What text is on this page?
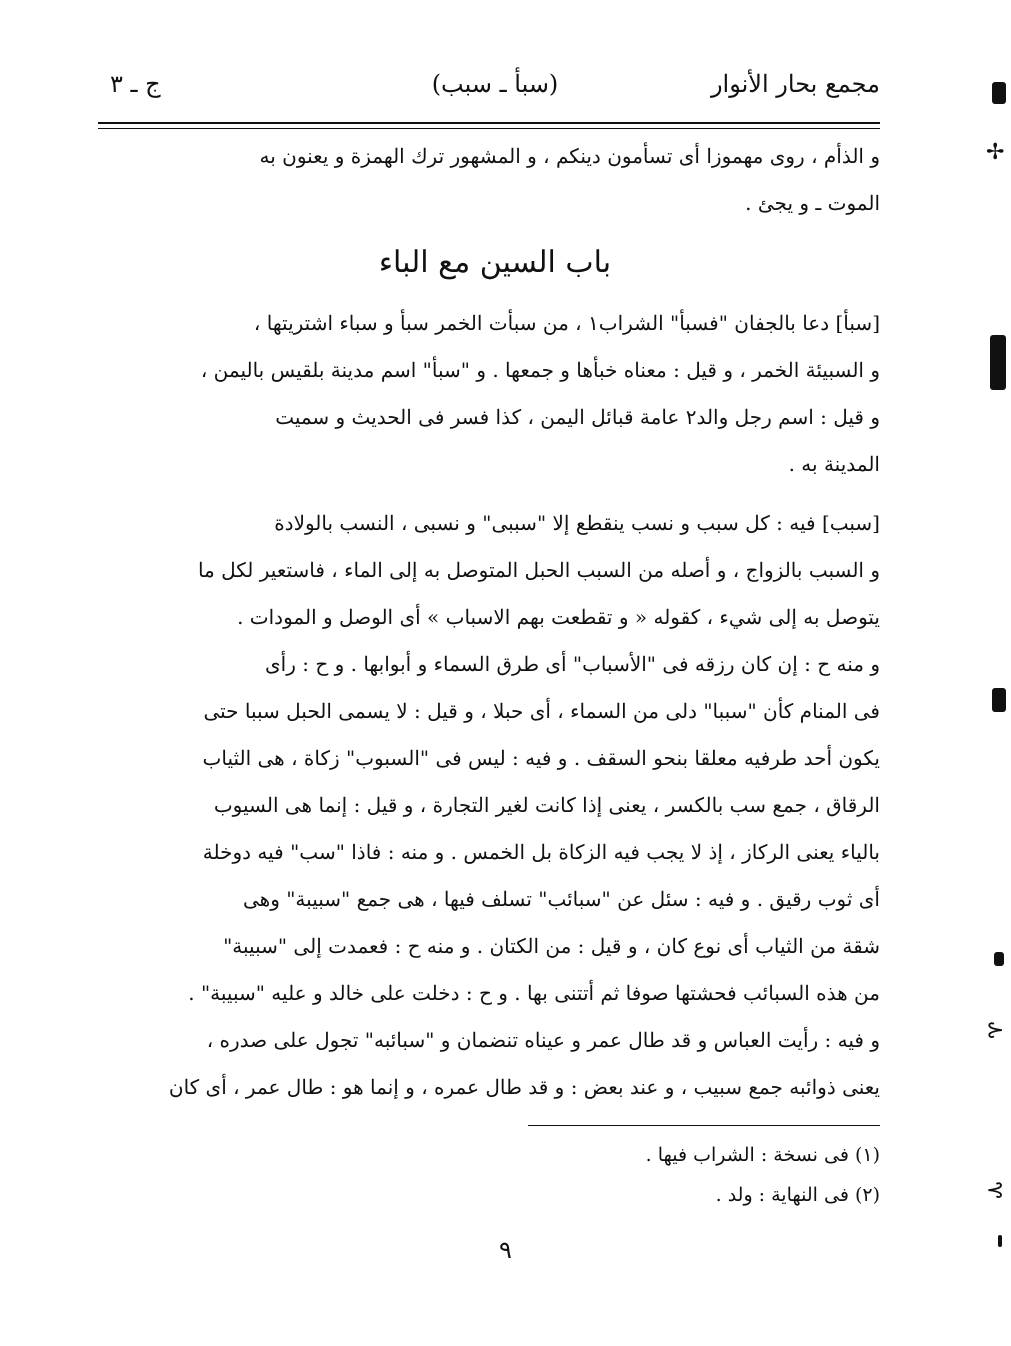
مجمع بحار الأنوار
(سبأ ـ سبب)
ج ـ ٣
و الذأم ، روى مهموزا أى تسأمون دينكم ، و المشهور ترك الهمزة و يعنون به
الموت ـ و يجئ .
باب السين مع الباء
[سبأ] دعا بالجفان "فسبأ" الشراب١ ، من سبأت الخمر سبأ و سباء اشتريتها ،
و السبيئة الخمر ، و قيل : معناه خبأها و جمعها . و "سبأ" اسم مدينة بلقيس باليمن ،
و قيل : اسم رجل والد٢ عامة قبائل اليمن ، كذا فسر فى الحديث و سميت
المدينة به .
[سبب] فيه : كل سبب و نسب ينقطع إلا "سببى" و نسبى ، النسب بالولادة
و السبب بالزواج ، و أصله من السبب الحبل المتوصل به إلى الماء ، فاستعير لكل ما
يتوصل به إلى شيء ، كقوله « و تقطعت بهم الاسباب » أى الوصل و المودات .
و منه ح : إن كان رزقه فى "الأسباب" أى طرق السماء و أبوابها . و ح : رأى
فى المنام كأن "سببا" دلى من السماء ، أى حبلا ، و قيل : لا يسمى الحبل سببا حتى
يكون أحد طرفيه معلقا بنحو السقف . و فيه : ليس فى "السبوب" زكاة ، هى الثياب
الرقاق ، جمع سب بالكسر ، يعنى إذا كانت لغير التجارة ، و قيل : إنما هى السيوب
بالياء يعنى الركاز ، إذ لا يجب فيه الزكاة بل الخمس . و منه : فاذا "سب" فيه دوخلة
أى ثوب رقيق . و فيه : سئل عن "سبائب" تسلف فيها ، هى جمع "سبيبة" وهى
شقة من الثياب أى نوع كان ، و قيل : من الكتان . و منه ح : فعمدت إلى "سبيبة"
من هذه السبائب فحشتها صوفا ثم أتتنى بها . و ح : دخلت على خالد و عليه "سبيبة" .
و فيه : رأيت العباس و قد طال عمر و عيناه تنضمان و "سبائبه" تجول على صدره ،
يعنى ذوائبه جمع سبيب ، و عند بعض : و قد طال عمره ، و إنما هو : طال عمر ، أى كان
(١) فى نسخة : الشراب فيها .
(٢) فى النهاية : ولد .
٩
✢
⊱
⊰
